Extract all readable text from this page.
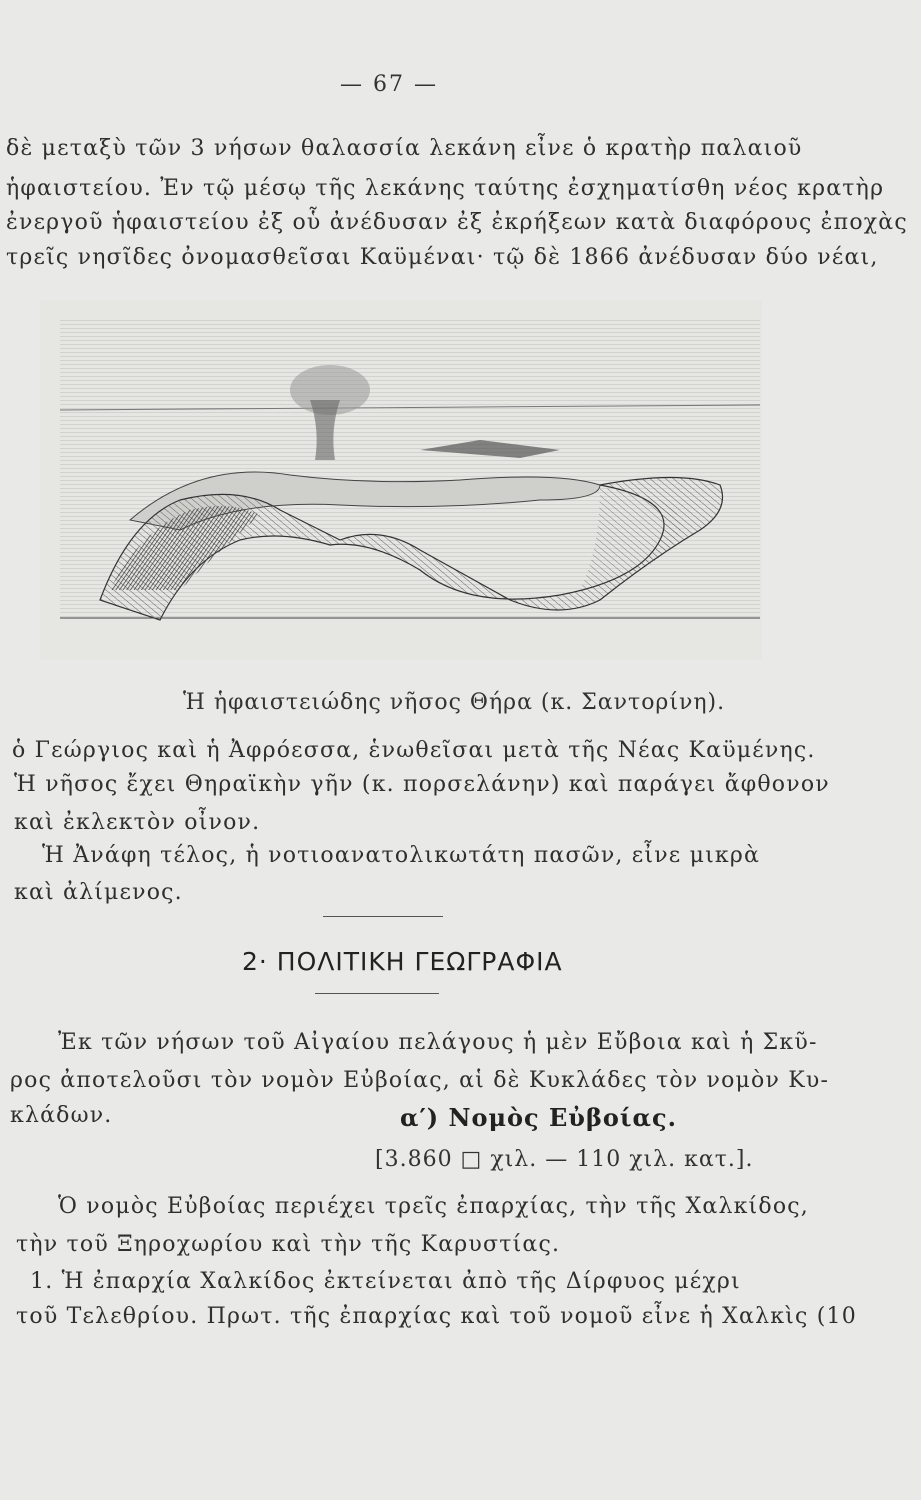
— 67 —
δὲ μεταξὺ τῶν 3 νήσων θαλασσία λεκάνη εἶνε ὁ κρατὴρ παλαιοῦ
ἡφαιστείου. Ἐν τῷ μέσῳ τῆς λεκάνης ταύτης ἐσχηματίσθη νέος κρατὴρ
ἐνεργοῦ ἡφαιστείου ἐξ οὗ ἀνέδυσαν ἐξ ἐκρήξεων κατὰ διαφόρους ἐποχὰς
τρεῖς νησῖδες ὀνομασθεῖσαι Καϋμέναι· τῷ δὲ 1866 ἀνέδυσαν δύο νέαι,
Ἡ ἡφαιστειώδης νῆσος Θήρα (κ. Σαντορίνη).
ὁ Γεώργιος καὶ ἡ Ἀφρόεσσα, ἑνωθεῖσαι μετὰ τῆς Νέας Καϋμένης.
Ἡ νῆσος ἔχει Θηραϊκὴν γῆν (κ. πορσελάνην) καὶ παράγει ἄφθονον
καὶ ἐκλεκτὸν οἶνον.
Ἡ Ἀνάφη τέλος, ἡ νοτιοανατολικωτάτη πασῶν, εἶνε μικρὰ
καὶ ἀλίμενος.
2· ΠΟΛΙΤΙΚΗ ΓΕΩΓΡΑΦΙΑ
Ἐκ τῶν νήσων τοῦ Αἰγαίου πελάγους ἡ μὲν Εὔβοια καὶ ἡ Σκῦ-
ρος ἀποτελοῦσι τὸν νομὸν Εὐβοίας, αἱ δὲ Κυκλάδες τὸν νομὸν Κυ-
κλάδων.	α′) Νομὸς Εὐβοίας.
[3.860 □ χιλ. — 110 χιλ. κατ.].
Ὁ νομὸς Εὐβοίας περιέχει τρεῖς ἐπαρχίας, τὴν τῆς Χαλκίδος,
τὴν τοῦ Ξηροχωρίου καὶ τὴν τῆς Καρυστίας.
1. Ἡ ἐπαρχία Χαλκίδος ἐκτείνεται ἀπὸ τῆς Δίρφυος μέχρι
τοῦ Τελεθρίου. Πρωτ. τῆς ἐπαρχίας καὶ τοῦ νομοῦ εἶνε ἡ Χαλκὶς (10
